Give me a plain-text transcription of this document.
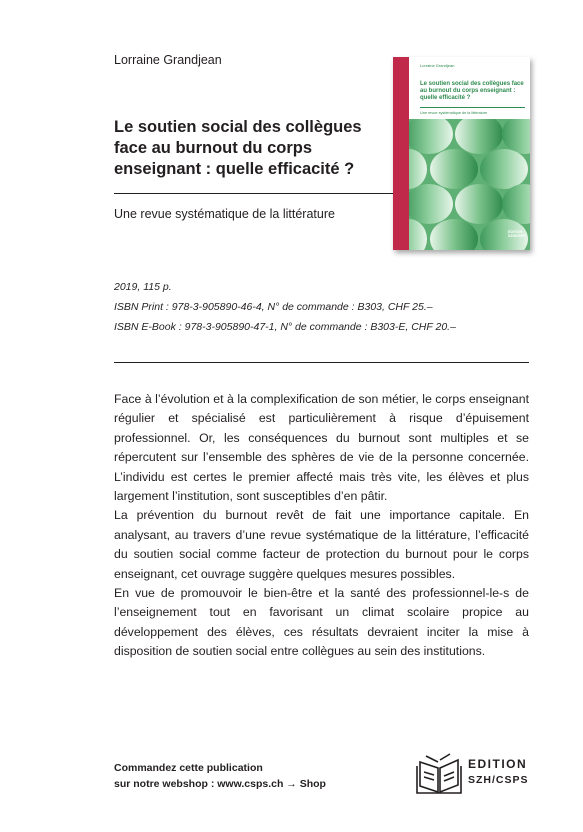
Lorraine Grandjean
Le soutien social des collègues
face au burnout du corps
enseignant : quelle efficacité ?
Une revue systématique de la littérature
Lorraine Grandjean
Le soutien social des collègues face au burnout du corps enseignant : quelle efficacité ?
Une revue systématique de la littérature
EDITION SZH/CSPS
2019, 115 p.
ISBN Print : 978-3-905890-46-4, N° de commande : B303, CHF 25.–
ISBN E-Book : 978-3-905890-47-1, N° de commande : B303-E, CHF 20.–

Face à l’évolution et à la complexification de son métier, le corps enseignant régulier et spécialisé est particulièrement à risque d’épuisement professionnel. Or, les conséquences du burnout sont multiples et se répercutent sur l’ensemble des sphères de vie de la personne concernée. L’individu est certes le premier affecté mais très vite, les élèves et plus largement l’institution, sont susceptibles d’en pâtir.

La prévention du burnout revêt de fait une importance capitale. En analysant, au travers d’une revue systématique de la littérature, l’efficacité du soutien social comme facteur de protection du burnout pour le corps enseignant, cet ouvrage suggère quelques mesures possibles.

En vue de promouvoir le bien-être et la santé des professionnel-le-s de l’enseignement tout en favorisant un climat scolaire propice au développement des élèves, ces résultats devraient inciter la mise à disposition de soutien social entre collègues au sein des institutions.

Commandez cette publication
sur notre webshop : www.csps.ch → Shop
EDITION
SZH/CSPS
